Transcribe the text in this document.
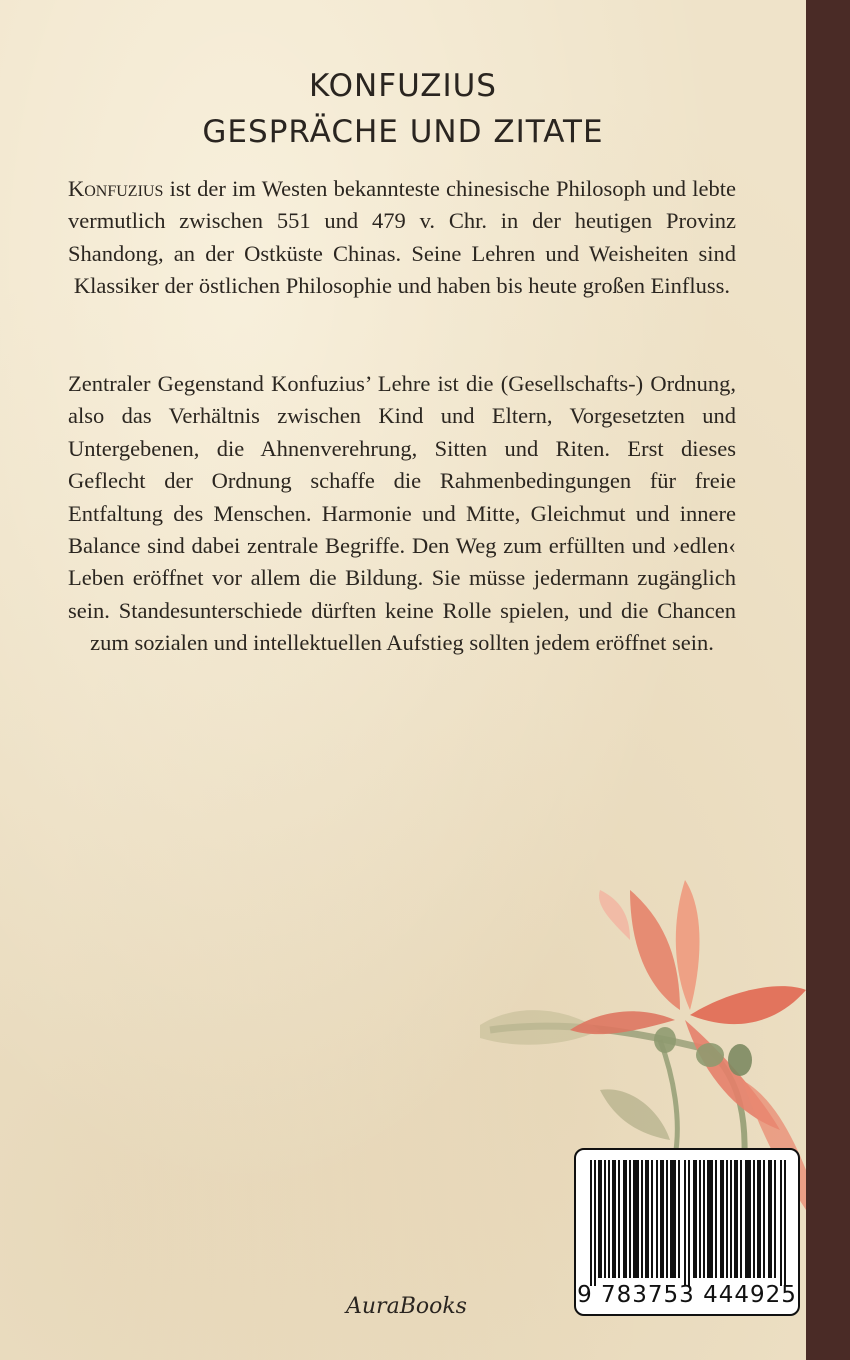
KONFUZIUS
GESPRÄCHE UND ZITATE

Konfuzius ist der im Westen bekannteste chinesische Philosoph und lebte vermutlich zwischen 551 und 479 v. Chr. in der heutigen Provinz Shandong, an der Ostküste Chinas. Seine Lehren und Weisheiten sind Klassiker der östlichen Philosophie und haben bis heute großen Einfluss.

Zentraler Gegenstand Konfuzius’ Lehre ist die (Gesellschafts-) Ordnung, also das Verhältnis zwischen Kind und Eltern, Vorgesetzten und Untergebenen, die Ahnenverehrung, Sitten und Riten. Erst dieses Geflecht der Ordnung schaffe die Rahmenbedingungen für freie Entfaltung des Menschen. Harmonie und Mitte, Gleichmut und innere Balance sind dabei zentrale Begriffe. Den Weg zum erfüllten und ›edlen‹ Leben eröffnet vor allem die Bildung. Sie müsse jedermann zugänglich sein. Standesunterschiede dürften keine Rolle spielen, und die Chancen zum sozialen und intellektuellen Aufstieg sollten jedem eröffnet sein.

9 783753 444925
AuraBooks
